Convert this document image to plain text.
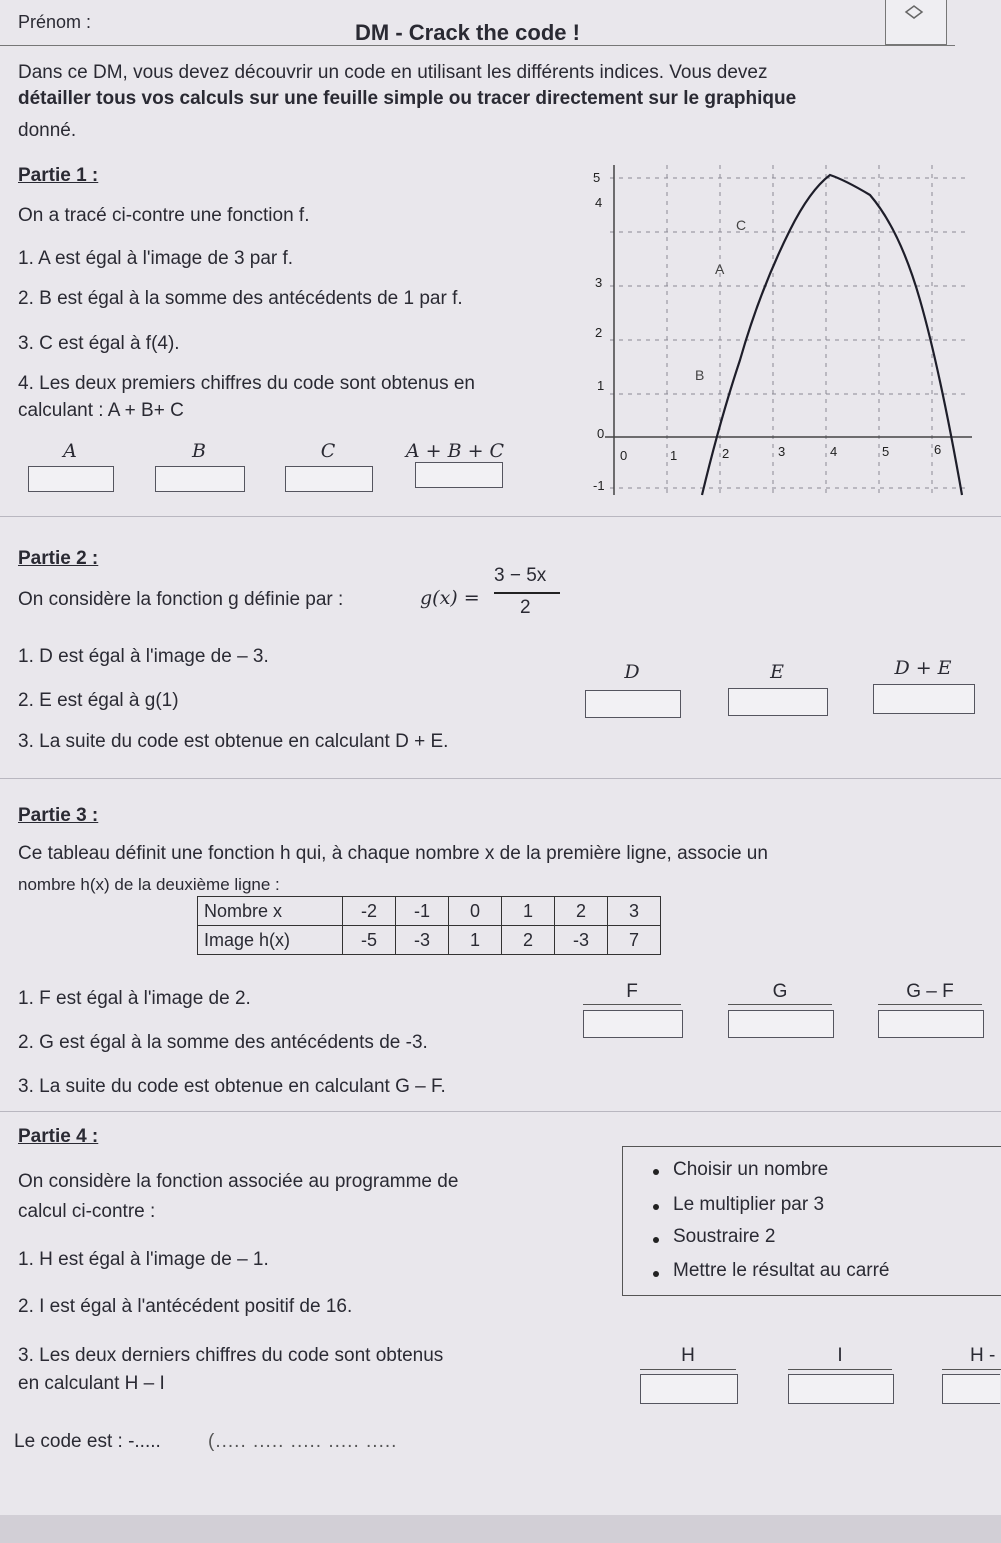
Prénom :	DM - Crack the code !
Dans ce DM, vous devez découvrir un code en utilisant les différents indices. Vous devez
détailler tous vos calculs sur une feuille simple ou tracer directement sur le graphique
donné.
Partie 1 :
On a tracé ci-contre une fonction f.
1. A est égal à l'image de 3 par f.
2. B est égal à la somme des antécédents de 1 par f.
3. C est égal à f(4).
4. Les deux premiers chiffres du code sont obtenus en
calculant : A + B+ C
A	B	C	A + B + C
5
4
3
2
1
0
-1
0	1	2	3	4	5	6
C
A
B
Partie 2 :
On considère la fonction g définie par :	g(x) =
3 − 5x
2
1. D est égal à l'image de – 3.
2. E est égal à g(1)
3. La suite du code est obtenue en calculant D + E.
D	E	D + E
Partie 3 :
Ce tableau définit une fonction h qui, à chaque nombre x de la première ligne, associe un
nombre h(x) de la deuxième ligne :
Nombre x	-2	-1	0	1	2	3
Image h(x)	-5	-3	1	2	-3	7
1. F est égal à l'image de 2.
2. G est égal à la somme des antécédents de -3.
3. La suite du code est obtenue en calculant G – F.
F	G	G – F
Partie 4 :
On considère la fonction associée au programme de
calcul ci-contre :
Choisir un nombre
Le multiplier par 3
Soustraire 2
Mettre le résultat au carré
1. H est égal à l'image de – 1.
2. I est égal à l'antécédent positif de 16.
3. Les deux derniers chiffres du code sont obtenus
en calculant H – I
H	I	H -
Le code est : -..... (..... ..... ..... ..... .....
